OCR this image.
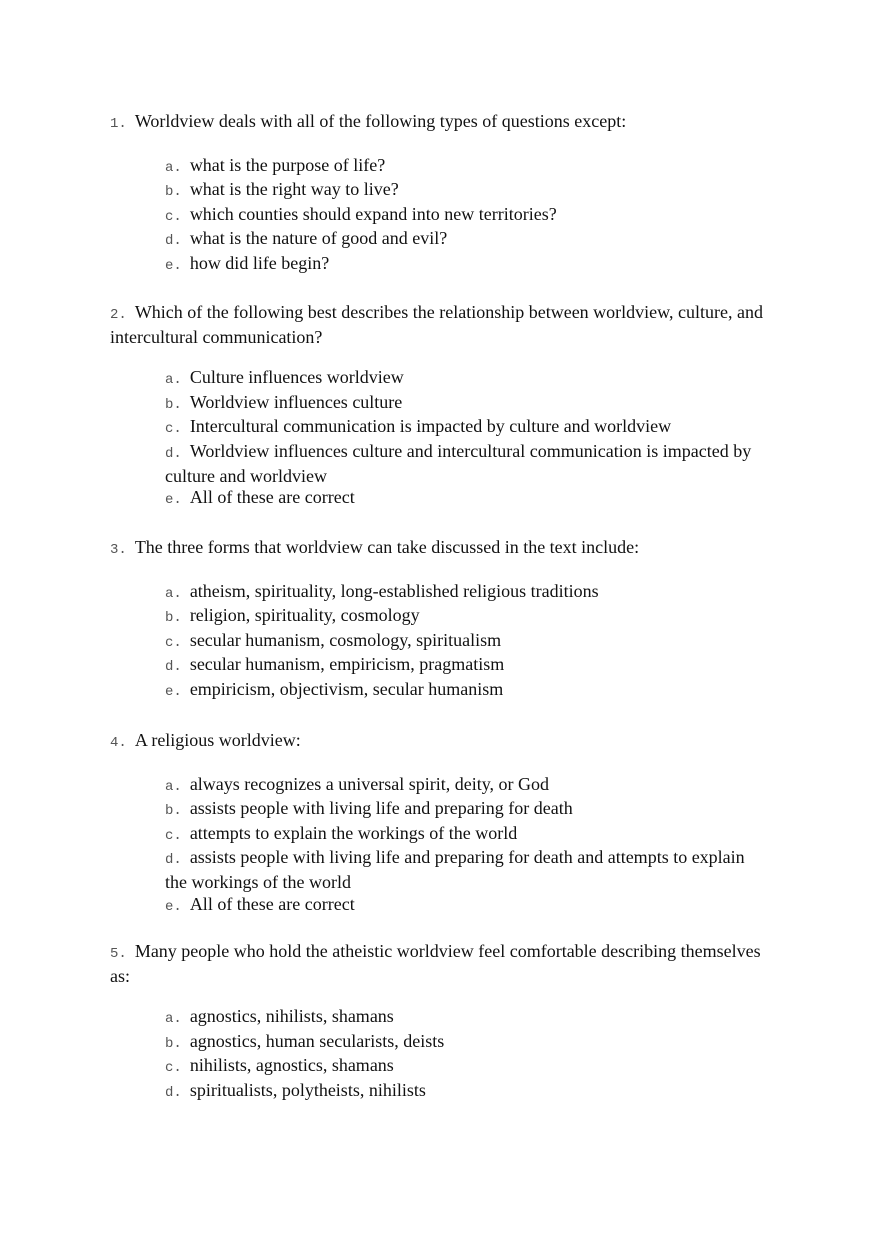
1. Worldview deals with all of the following types of questions except:

a. what is the purpose of life?

b. what is the right way to live?

c. which counties should expand into new territories?

d. what is the nature of good and evil?

e. how did life begin?

2. Which of the following best describes the relationship between worldview, culture, and intercultural communication?

a. Culture influences worldview

b. Worldview influences culture

c. Intercultural communication is impacted by culture and worldview

d. Worldview influences culture and intercultural communication is impacted by culture and worldview

e. All of these are correct

3. The three forms that worldview can take discussed in the text include:

a. atheism, spirituality, long-established religious traditions

b. religion, spirituality, cosmology

c. secular humanism, cosmology, spiritualism

d. secular humanism, empiricism, pragmatism

e. empiricism, objectivism, secular humanism

4. A religious worldview:

a. always recognizes a universal spirit, deity, or God

b. assists people with living life and preparing for death

c. attempts to explain the workings of the world

d. assists people with living life and preparing for death and attempts to explain the workings of the world

e. All of these are correct

5. Many people who hold the atheistic worldview feel comfortable describing themselves as:

a. agnostics, nihilists, shamans

b. agnostics, human secularists, deists

c. nihilists, agnostics, shamans

d. spiritualists, polytheists, nihilists
